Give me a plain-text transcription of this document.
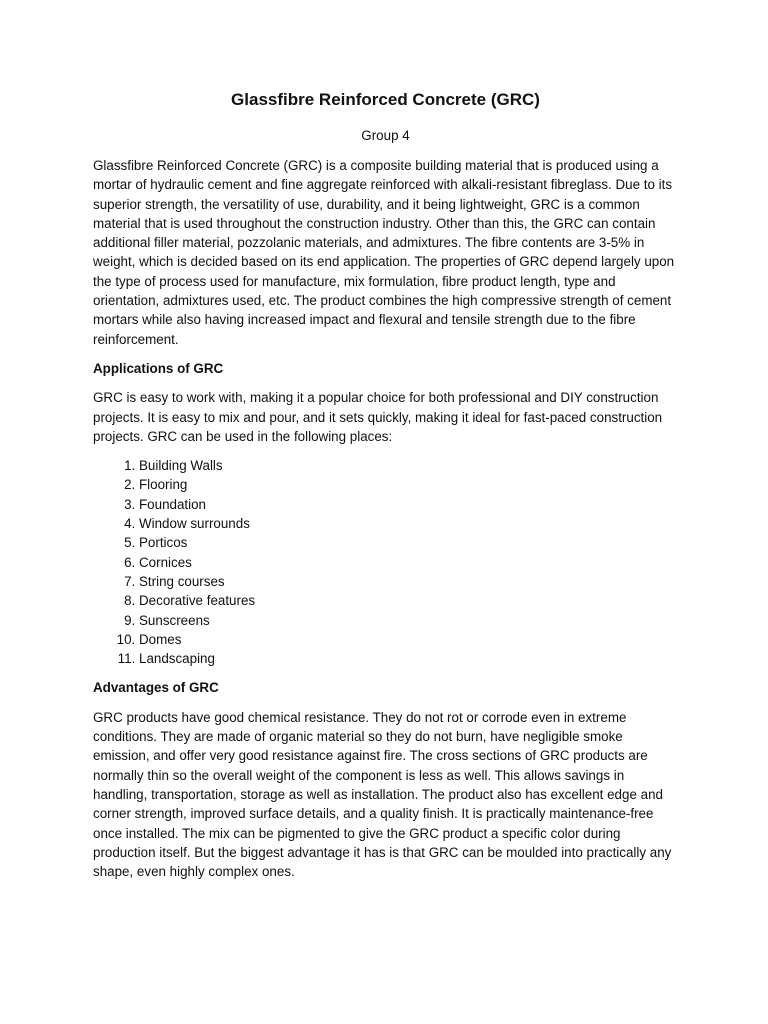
Glassfibre Reinforced Concrete (GRC)
Group 4

Glassfibre Reinforced Concrete (GRC) is a composite building material that is produced using a mortar of hydraulic cement and fine aggregate reinforced with alkali-resistant fibreglass. Due to its superior strength, the versatility of use, durability, and it being lightweight, GRC is a common material that is used throughout the construction industry. Other than this, the GRC can contain additional filler material, pozzolanic materials, and admixtures. The fibre contents are 3-5% in weight, which is decided based on its end application. The properties of GRC depend largely upon the type of process used for manufacture, mix formulation, fibre product length, type and orientation, admixtures used, etc. The product combines the high compressive strength of cement mortars while also having increased impact and flexural and tensile strength due to the fibre reinforcement.

Applications of GRC

GRC is easy to work with, making it a popular choice for both professional and DIY construction projects. It is easy to mix and pour, and it sets quickly, making it ideal for fast-paced construction projects. GRC can be used in the following places:

1. Building Walls
2. Flooring
3. Foundation
4. Window surrounds
5. Porticos
6. Cornices
7. String courses
8. Decorative features
9. Sunscreens
10. Domes
11. Landscaping
Advantages of GRC

GRC products have good chemical resistance. They do not rot or corrode even in extreme conditions. They are made of organic material so they do not burn, have negligible smoke emission, and offer very good resistance against fire. The cross sections of GRC products are normally thin so the overall weight of the component is less as well. This allows savings in handling, transportation, storage as well as installation. The product also has excellent edge and corner strength, improved surface details, and a quality finish. It is practically maintenance-free once installed. The mix can be pigmented to give the GRC product a specific color during production itself. But the biggest advantage it has is that GRC can be moulded into practically any shape, even highly complex ones.
